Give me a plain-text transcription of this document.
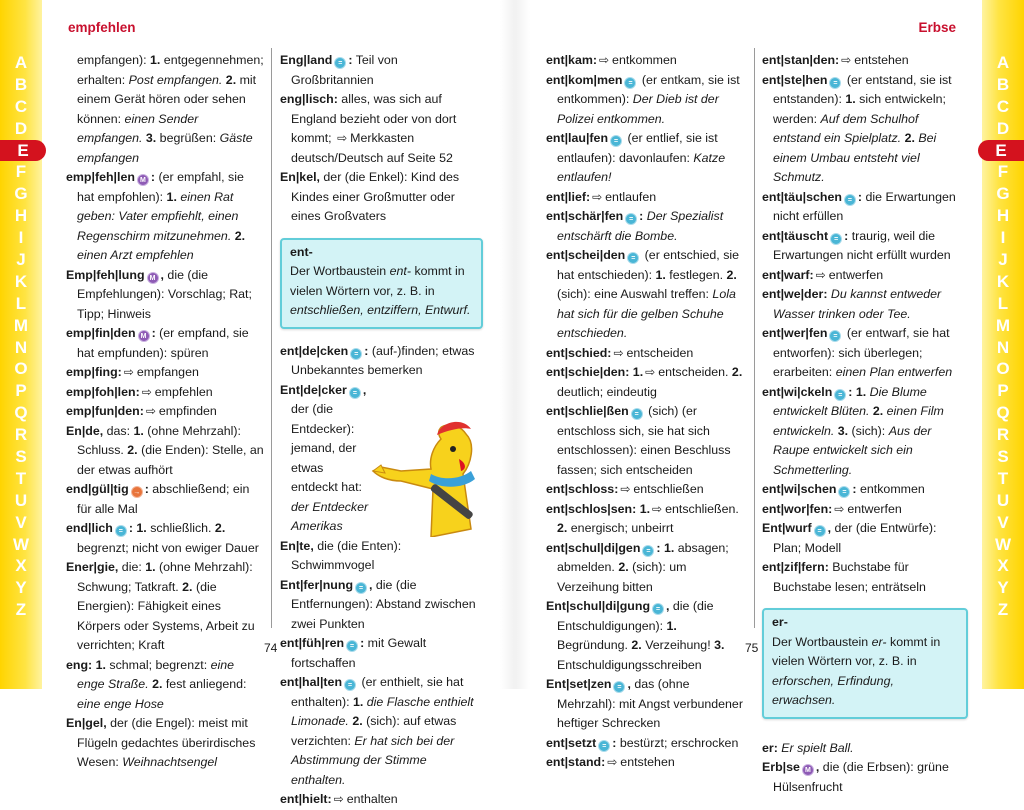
A
B
C
D
E
F
G
H
I
J
K
L
M
N
O
P
Q
R
S
T
U
V
W
X
Y
Z
A
B
C
D
E
F
G
H
I
J
K
L
M
N
O
P
Q
R
S
T
U
V
W
X
Y
Z
empfehlen	Erbse
empfangen): 1. entgegennehmen; erhalten: Post empfangen. 2. mit einem Gerät hören oder sehen können: einen Sender empfangen. 3. begrüßen: Gäste empfangen
emp|feh|len M : (er empfahl, sie hat empfohlen): 1. einen Rat geben: Vater empfiehlt, einen Regenschirm mitzunehmen. 2. einen Arzt empfehlen
Emp|feh|lung M , die (die Empfehlungen): Vorschlag; Rat; Tipp; Hinweis
emp|fin|den M : (er empfand, sie hat empfunden): spüren
emp|fing: ⇨ empfangen
emp|foh|len: ⇨ empfehlen
emp|fun|den: ⇨ empfinden
En|de, das: 1. (ohne Mehrzahl): Schluss. 2. (die Enden): Stelle, an der etwas aufhört
end|gül|tig → : abschließend; ein für alle Mal
end|lich = : 1. schließlich. 2. begrenzt; nicht von ewiger Dauer
Ener|gie, die: 1. (ohne Mehrzahl): Schwung; Tatkraft. 2. (die Energien): Fähigkeit eines Körpers oder Systems, Arbeit zu verrichten; Kraft
eng: 1. schmal; begrenzt: eine enge Straße. 2. fest anliegend: eine enge Hose
En|gel, der (die Engel): meist mit Flügeln gedachtes überirdisches Wesen: Weihnachtsengel
Eng|land = : Teil von Großbritannien
eng|lisch: alles, was sich auf England bezieht oder von dort kommt; ⇨ Merkkasten deutsch/Deutsch auf Seite 52
En|kel, der (die Enkel): Kind des Kindes einer Großmutter oder eines Großvaters
ent-
Der Wortbaustein ent- kommt in vielen Wörtern vor, z. B. in entschließen, entziffern, Entwurf.
ent|de|cken = : (auf-)finden; etwas Unbekanntes bemerken
Ent|de|cker = , der (die Entdecker): jemand, der etwas entdeckt hat: der Entdecker Amerikas
En|te, die (die Enten): Schwimmvogel
Ent|fer|nung = , die (die Entfernungen): Abstand zwischen zwei Punkten
ent|füh|ren = : mit Gewalt fortschaffen
ent|hal|ten = (er enthielt, sie hat enthalten): 1. die Flasche enthielt Limonade. 2. (sich): auf etwas verzichten: Er hat sich bei der Abstimmung der Stimme enthalten.
ent|hielt: ⇨ enthalten
ent|kam: ⇨ entkommen
ent|kom|men = (er entkam, sie ist entkommen): Der Dieb ist der Polizei entkommen.
ent|lau|fen = (er entlief, sie ist entlaufen): davonlaufen: Katze entlaufen!
ent|lief: ⇨ entlaufen
ent|schär|fen = : Der Spezialist entschärft die Bombe.
ent|schei|den = (er entschied, sie hat entschieden): 1. festlegen. 2. (sich): eine Auswahl treffen: Lola hat sich für die gelben Schuhe entschieden.
ent|schied: ⇨ entscheiden
ent|schie|den: 1. ⇨ entscheiden. 2. deutlich; eindeutig
ent|schlie|ßen = (sich) (er entschloss sich, sie hat sich entschlossen): einen Beschluss fassen; sich entscheiden
ent|schloss: ⇨ entschließen
ent|schlos|sen: 1. ⇨ entschließen. 2. energisch; unbeirrt
ent|schul|di|gen = : 1. absagen; abmelden. 2. (sich): um Verzeihung bitten
Ent|schul|di|gung = , die (die Entschuldigungen): 1. Begründung. 2. Verzeihung! 3. Entschuldigungsschreiben
Ent|set|zen = , das (ohne Mehrzahl): mit Angst verbundener heftiger Schrecken
ent|setzt = : bestürzt; erschrocken
ent|stand: ⇨ entstehen
ent|stan|den: ⇨ entstehen
ent|ste|hen = (er entstand, sie ist entstanden): 1. sich entwickeln; werden: Auf dem Schulhof entstand ein Spielplatz. 2. Bei einem Umbau entsteht viel Schmutz.
ent|täu|schen = : die Erwartungen nicht erfüllen
ent|täuscht = : traurig, weil die Erwartungen nicht erfüllt wurden
ent|warf: ⇨ entwerfen
ent|we|der: Du kannst entweder Wasser trinken oder Tee.
ent|wer|fen = (er entwarf, sie hat entworfen): sich überlegen; erarbeiten: einen Plan entwerfen
ent|wi|ckeln = : 1. Die Blume entwickelt Blüten. 2. einen Film entwickeln. 3. (sich): Aus der Raupe entwickelt sich ein Schmetterling.
ent|wi|schen = : entkommen
ent|wor|fen: ⇨ entwerfen
Ent|wurf = , der (die Entwürfe): Plan; Modell
ent|zif|fern: Buchstabe für Buchstabe lesen; enträtseln
er-
Der Wortbaustein er- kommt in vielen Wörtern vor, z. B. in erforschen, Erfindung, erwachsen.
er: Er spielt Ball.
Erb|se M , die (die Erbsen): grüne Hülsenfrucht
74	75
